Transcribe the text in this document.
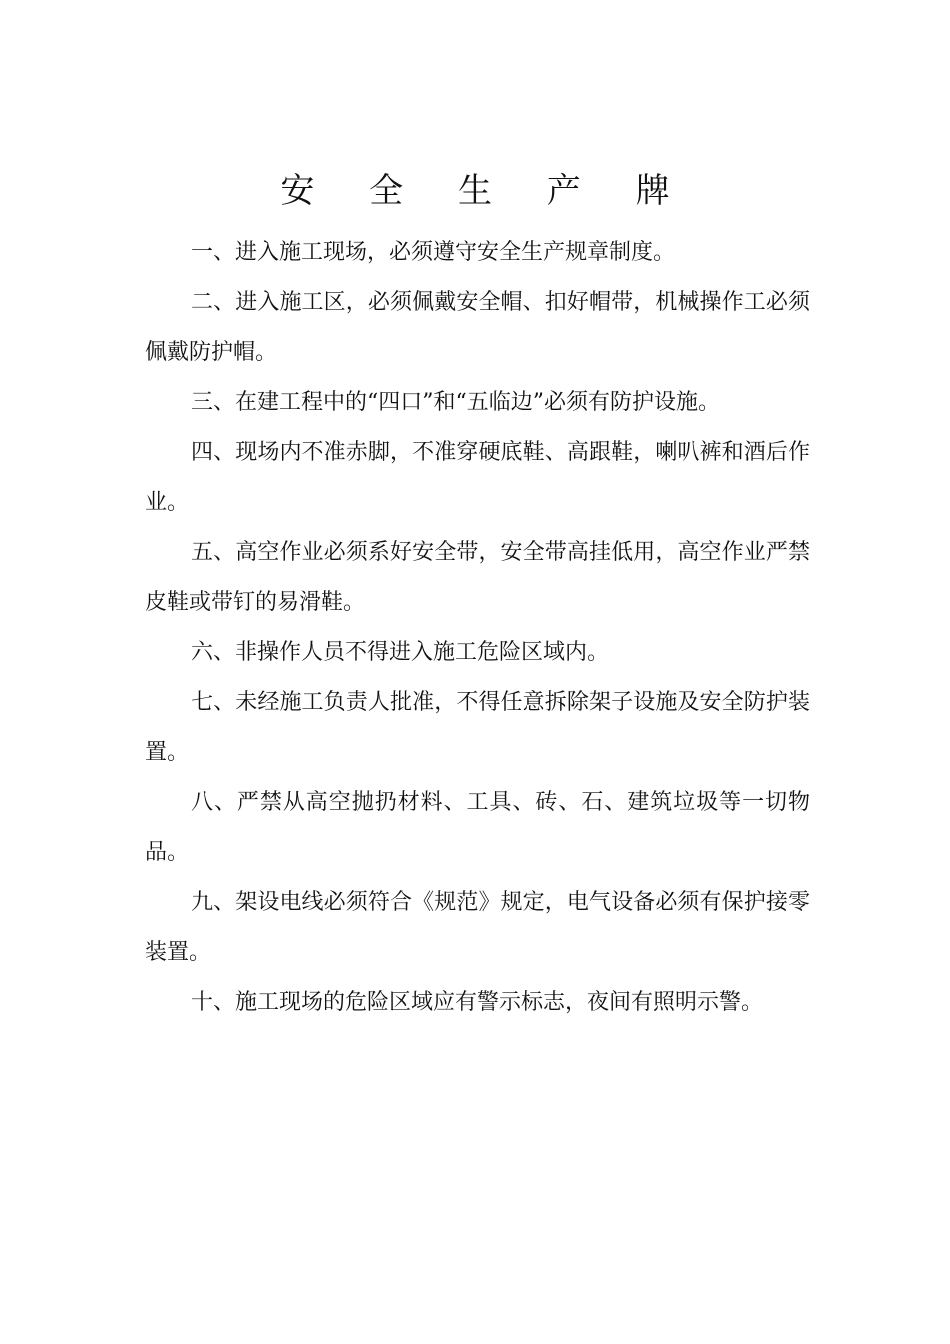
安 全 生 产 牌
一、进入施工现场，必须遵守安全生产规章制度。
二、进入施工区，必须佩戴安全帽、扣好帽带，机械操作工必须佩戴防护帽。
三、在建工程中的“四口”和“五临边”必须有防护设施。
四、现场内不准赤脚，不准穿硬底鞋、高跟鞋，喇叭裤和酒后作业。
五、高空作业必须系好安全带，安全带高挂低用，高空作业严禁皮鞋或带钉的易滑鞋。
六、非操作人员不得进入施工危险区域内。
七、未经施工负责人批准，不得任意拆除架子设施及安全防护装置。
八、严禁从高空抛扔材料、工具、砖、石、建筑垃圾等一切物品。
九、架设电线必须符合《规范》规定，电气设备必须有保护接零装置。
十、施工现场的危险区域应有警示标志，夜间有照明示警。
